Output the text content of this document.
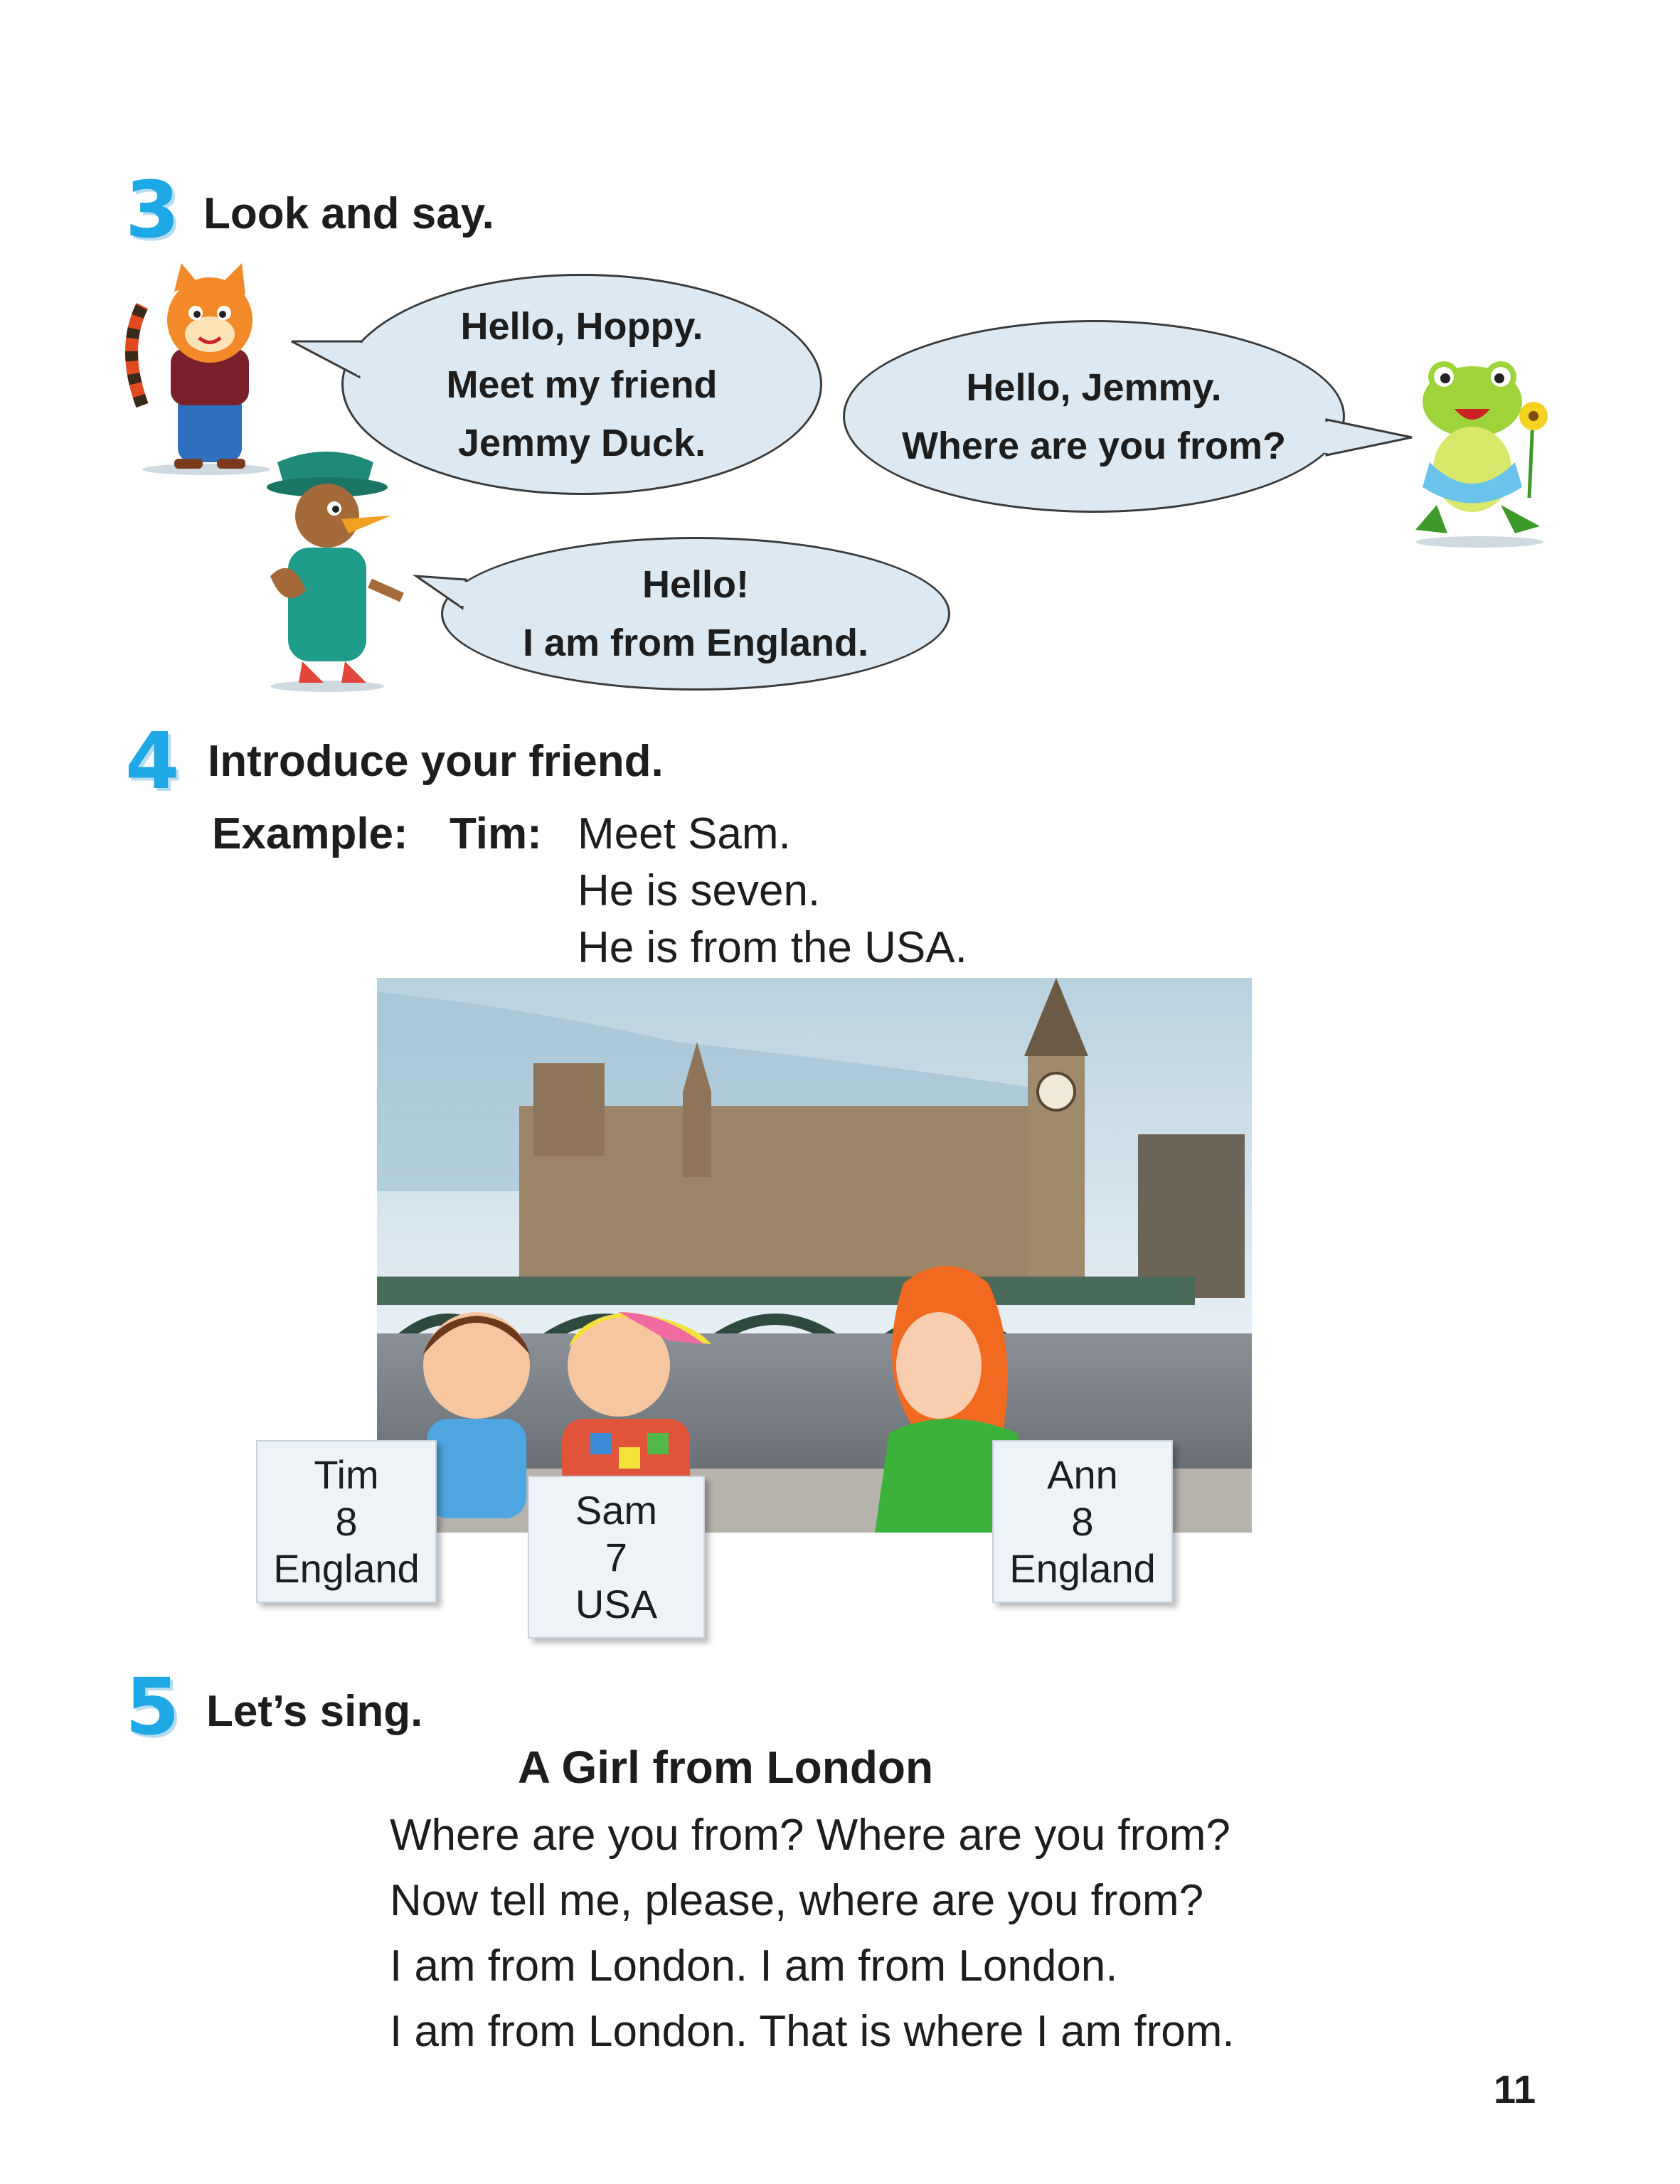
3 Look and say.
Hello, Hoppy.
Meet my friend
Jemmy Duck.
Hello, Jemmy.
Where are you from?
Hello!
I am from England.
4 Introduce your friend.
Example: Tim: Meet Sam.
He is seven.
He is from the USA.
Tim
8
England
Sam
7
USA
Ann
8
England
5 Let’s sing.
A Girl from London
Where are you from? Where are you from?
Now tell me, please, where are you from?
I am from London. I am from London.
I am from London. That is where I am from.
11
